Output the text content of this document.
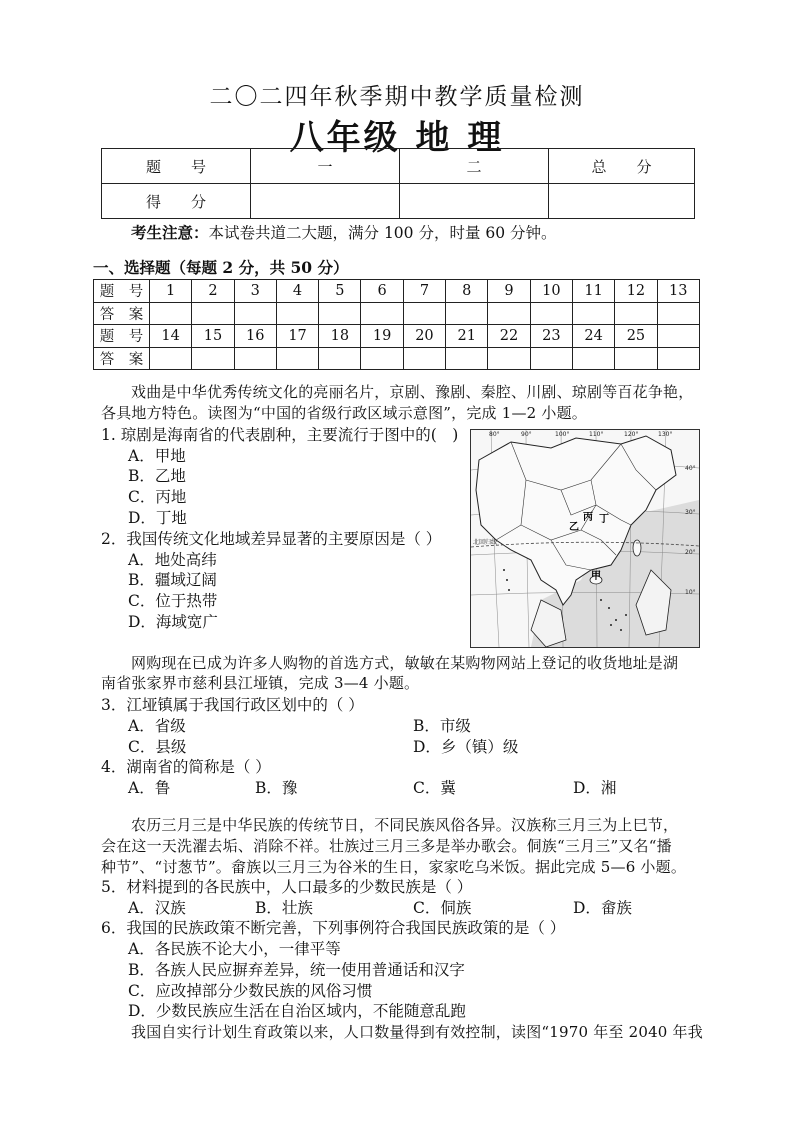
二〇二四年秋季期中教学质量检测
八年级 地 理
题　　号	一	二	总　　分
得　　分			
考生注意：本试卷共道二大题，满分 100 分，时量 60 分钟。
一、选择题（每题 2 分，共 50 分）
题　号	1	2	3	4	5	6	7	8	9	10	11	12	13
答　案													
题　号	14	15	16	17	18	19	20	21	22	23	24	25	
答　案													
戏曲是中华优秀传统文化的亮丽名片，京剧、豫剧、秦腔、川剧、琼剧等百花争艳，
各具地方特色。读图为“中国的省级行政区域示意图”，完成 1—2 小题。
1. 琼剧是海南省的代表剧种，主要流行于图中的(　)
A．甲地
B．乙地
C．丙地
D．丁地
2．我国传统文化地域差异显著的主要原因是（ ）
A．地处高纬
B．疆域辽阔
C．位于热带
D．海域宽广
80°	90°	100°	110°	120°	130°
40°
30°
20°
10°
乙
丙 丁
甲
北回归线
网购现在已成为许多人购物的首选方式，敏敏在某购物网站上登记的收货地址是湖
南省张家界市慈利县江垭镇，完成 3—4 小题。
3．江垭镇属于我国行政区划中的（ ）
A．省级	B．市级
C．县级	D．乡（镇）级
4．湖南省的简称是（ ）
A．鲁	B．豫	C．冀	D．湘
农历三月三是中华民族的传统节日，不同民族风俗各异。汉族称三月三为上巳节，
会在这一天洗濯去垢、消除不祥。壮族过三月三多是举办歌会。侗族“三月三”又名“播
种节”、“讨葱节”。畲族以三月三为谷米的生日，家家吃乌米饭。据此完成 5—6 小题。
5．材料提到的各民族中，人口最多的少数民族是（ ）
A．汉族	B．壮族	C．侗族	D．畲族
6．我国的民族政策不断完善，下列事例符合我国民族政策的是（ ）
A．各民族不论大小，一律平等
B．各族人民应摒弃差异，统一使用普通话和汉字
C．应改掉部分少数民族的风俗习惯
D．少数民族应生活在自治区域内，不能随意乱跑
我国自实行计划生育政策以来，人口数量得到有效控制，读图“1970 年至 2040 年我
